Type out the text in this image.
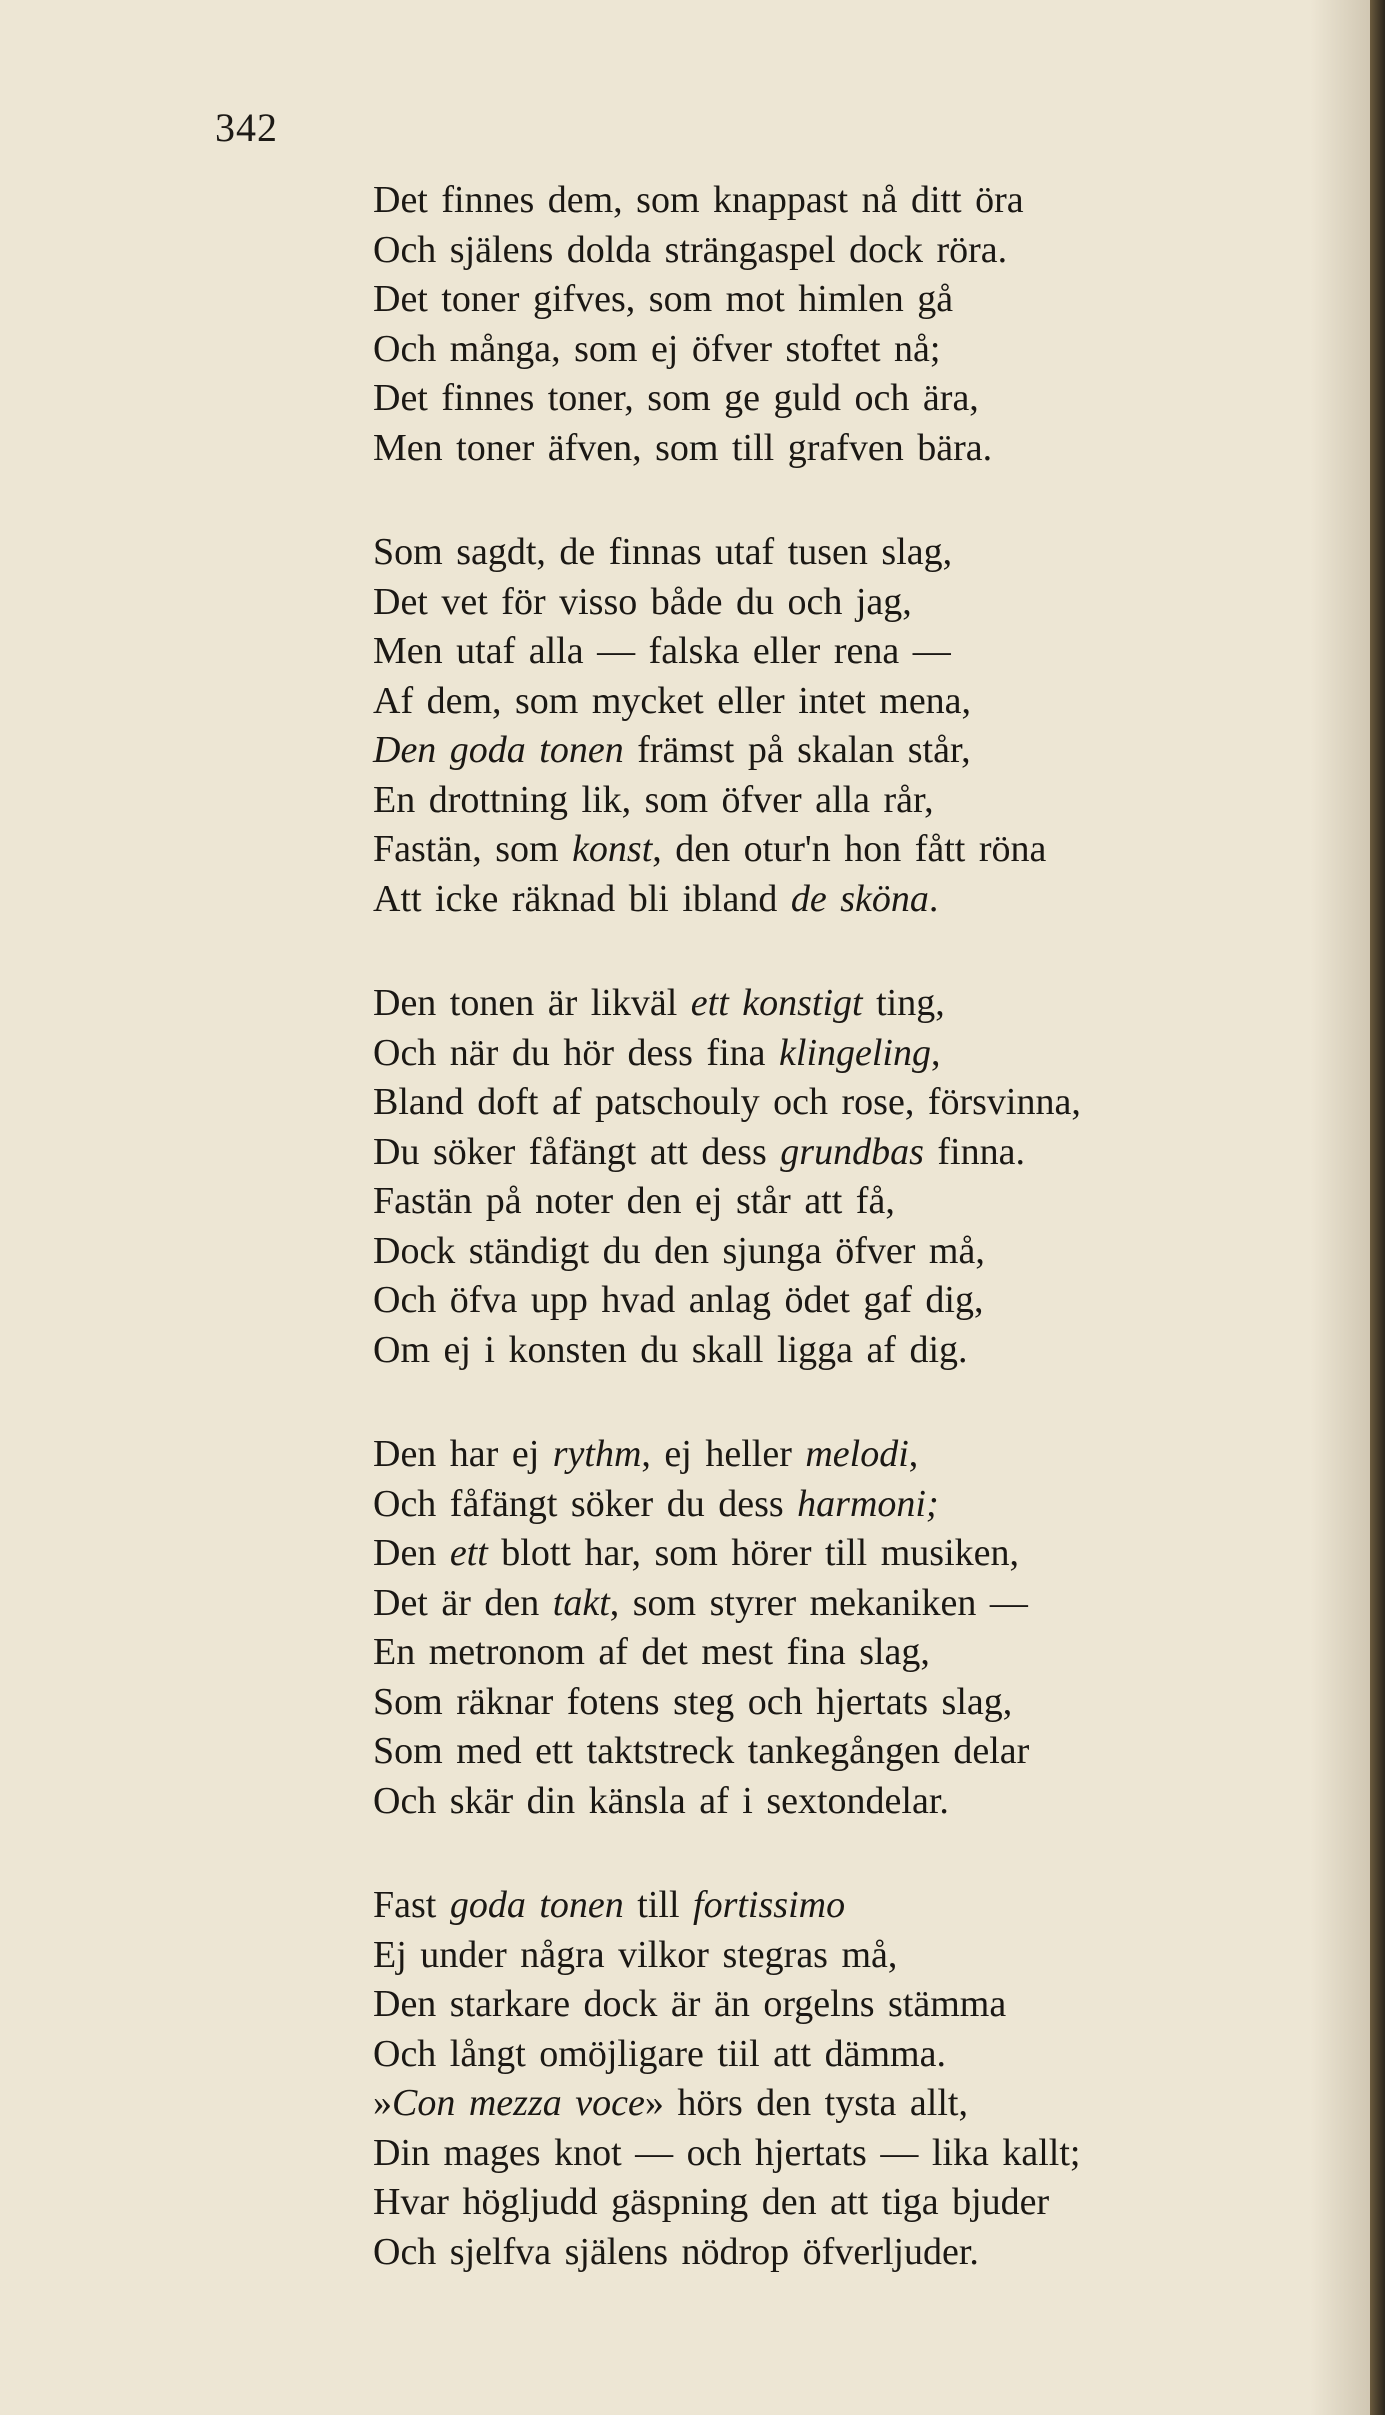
342
Det finnes dem, som knappast nå ditt öra
Och själens dolda strängaspel dock röra.
Det toner gifves, som mot himlen gå
Och många, som ej öfver stoftet nå;
Det finnes toner, som ge guld och ära,
Men toner äfven, som till grafven bära.
Som sagdt, de finnas utaf tusen slag,
Det vet för visso både du och jag,
Men utaf alla — falska eller rena —
Af dem, som mycket eller intet mena,
Den goda tonen främst på skalan står,
En drottning lik, som öfver alla rår,
Fastän, som konst, den otur'n hon fått röna
Att icke räknad bli ibland de sköna.
Den tonen är likväl ett konstigt ting,
Och när du hör dess fina klingeling,
Bland doft af patschouly och rose, försvinna,
Du söker fåfängt att dess grundbas finna.
Fastän på noter den ej står att få,
Dock ständigt du den sjunga öfver må,
Och öfva upp hvad anlag ödet gaf dig,
Om ej i konsten du skall ligga af dig.
Den har ej rythm, ej heller melodi,
Och fåfängt söker du dess harmoni;
Den ett blott har, som hörer till musiken,
Det är den takt, som styrer mekaniken —
En metronom af det mest fina slag,
Som räknar fotens steg och hjertats slag,
Som med ett taktstreck tankegången delar
Och skär din känsla af i sextondelar.
Fast goda tonen till fortissimo
Ej under några vilkor stegras må,
Den starkare dock är än orgelns stämma
Och långt omöjligare tiil att dämma.
»Con mezza voce» hörs den tysta allt,
Din mages knot — och hjertats — lika kallt;
Hvar högljudd gäspning den att tiga bjuder
Och sjelfva själens nödrop öfverljuder.
